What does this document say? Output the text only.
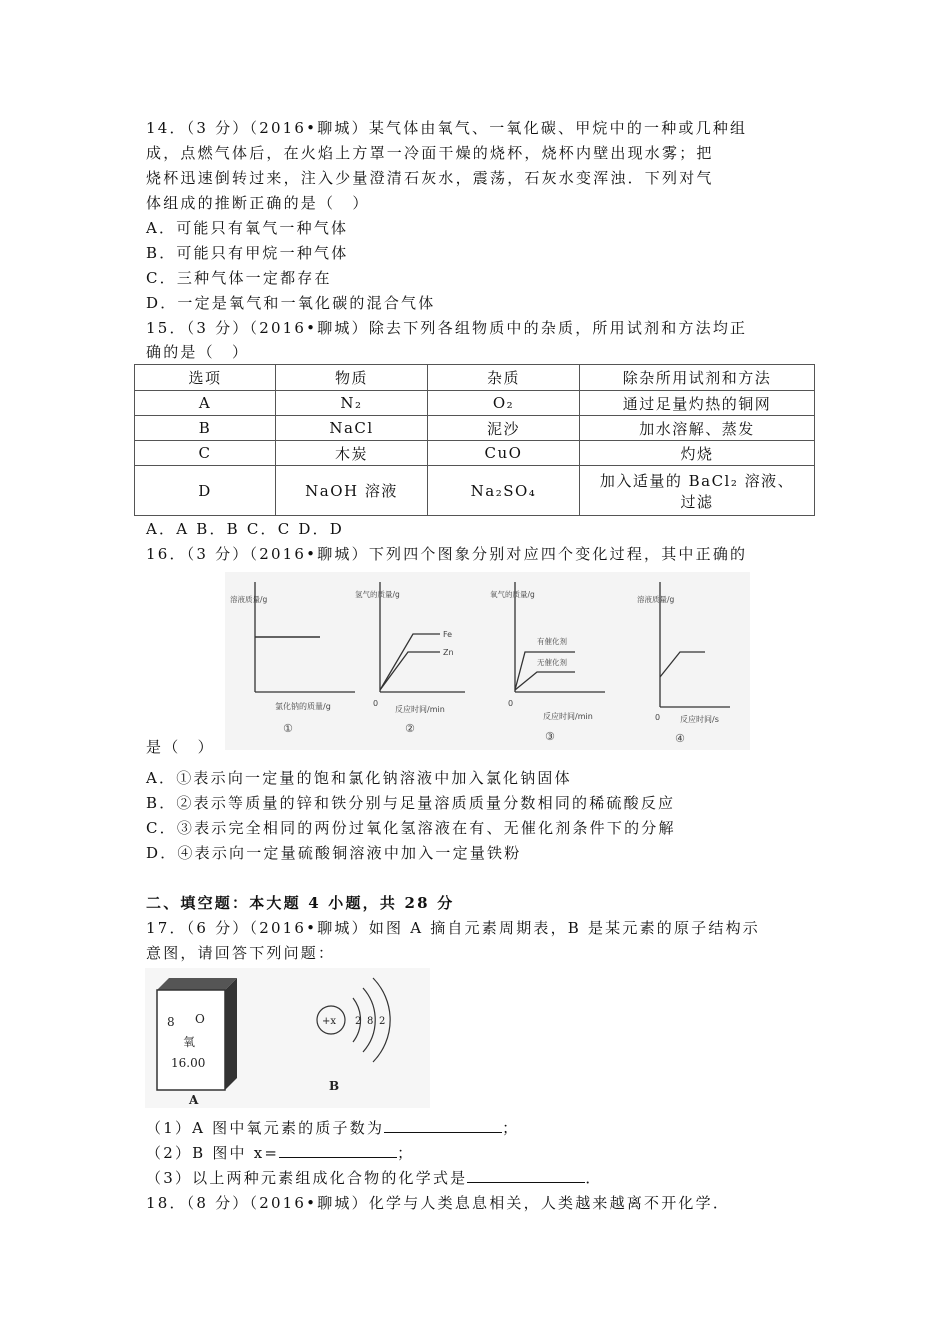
14．（3 分）（2016•聊城）某气体由氧气、一氧化碳、甲烷中的一种或几种组
成，点燃气体后，在火焰上方罩一冷面干燥的烧杯，烧杯内壁出现水雾；把
烧杯迅速倒转过来，注入少量澄清石灰水，震荡，石灰水变浑浊．下列对气
体组成的推断正确的是（　）
A．可能只有氧气一种气体
B．可能只有甲烷一种气体
C．三种气体一定都存在
D．一定是氧气和一氧化碳的混合气体
15．（3 分）（2016•聊城）除去下列各组物质中的杂质，所用试剂和方法均正
确的是（　）
选项	物质	杂质	除杂所用试剂和方法
A	N₂	O₂	通过足量灼热的铜网
B	NaCl	泥沙	加水溶解、蒸发
C	木炭	CuO	灼烧
D	NaOH 溶液	Na₂SO₄	加入适量的 BaCl₂ 溶液、过滤
A．A B．B C．C D．D
16．（3 分）（2016•聊城）下列四个图象分别对应四个变化过程，其中正确的
溶液质量/g
氯化钠的质量/g
①
Fe
Zn
氢气的质量/g
0
反应时间/min
②
有催化剂
无催化剂
氧气的质量/g
0
反应时间/min
③
溶液质量/g
0 反应时间/s
④
是（　）
A．①表示向一定量的饱和氯化钠溶液中加入氯化钠固体
B．②表示等质量的锌和铁分别与足量溶质质量分数相同的稀硫酸反应
C．③表示完全相同的两份过氧化氢溶液在有、无催化剂条件下的分解
D．④表示向一定量硫酸铜溶液中加入一定量铁粉
二、填空题：本大题 4 小题，共 28 分
17．（6 分）（2016•聊城）如图 A 摘自元素周期表，B 是某元素的原子结构示
意图，请回答下列问题：
8 O
氧
16.00
A
+x 2 8 2
B
（1）A 图中氧元素的质子数为	；
（2）B 图中 x=	；
（3）以上两种元素组成化合物的化学式是	．
18．（8 分）（2016•聊城）化学与人类息息相关，人类越来越离不开化学．
